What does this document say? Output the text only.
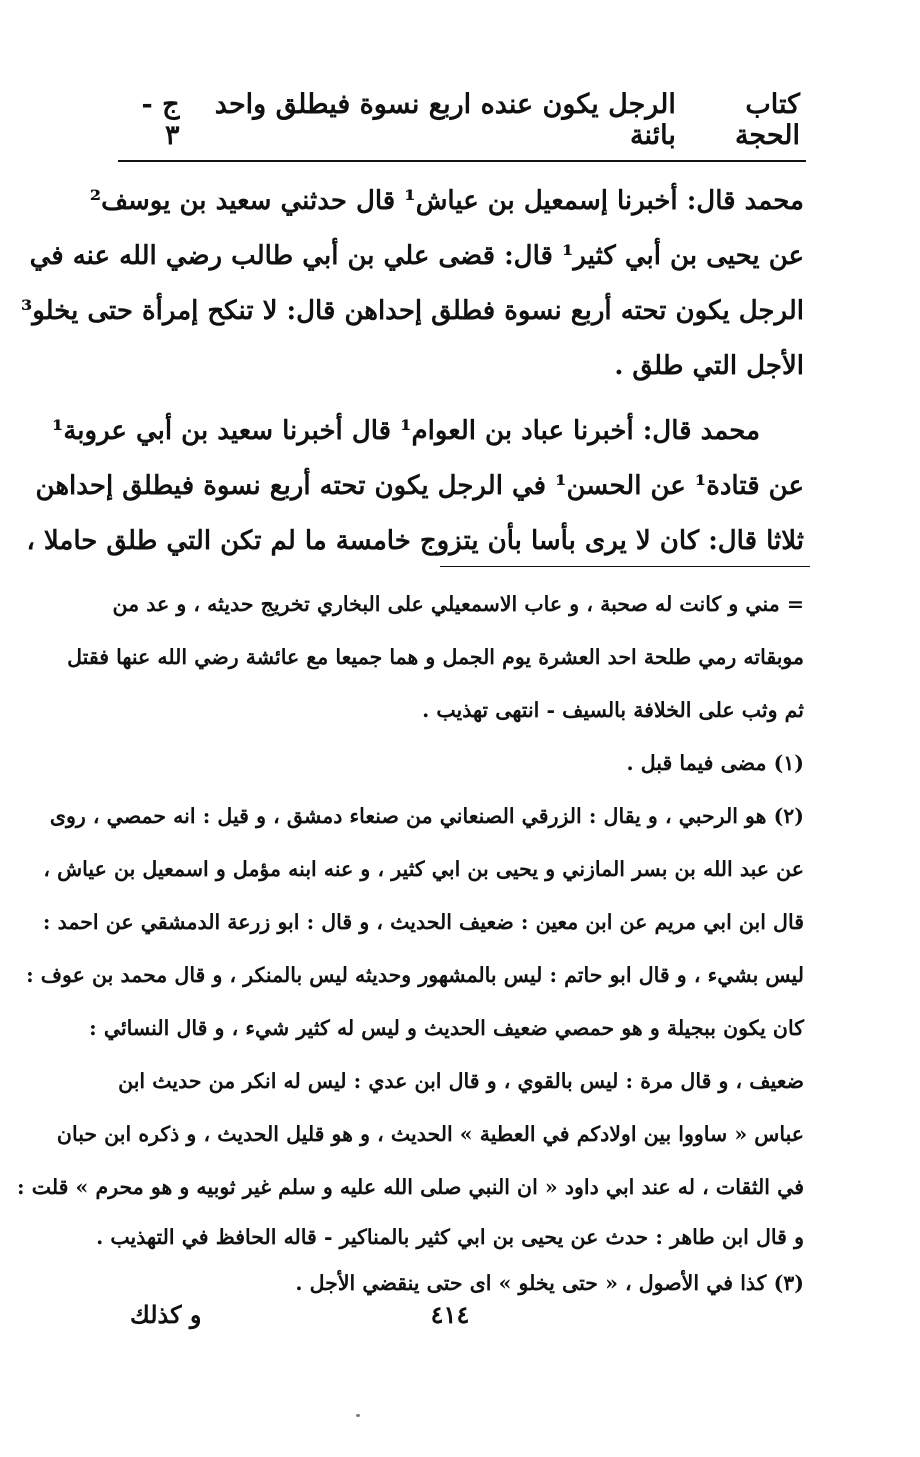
كتاب الحجة
الرجل يكون عنده اربع نسوة فيطلق واحد بائنة
ج - ٣
محمد قال: أخبرنا إسمعيل بن عياش¹ قال حدثني سعيد بن يوسف²
عن يحيى بن أبي كثير¹ قال: قضى علي بن أبي طالب رضي الله عنه في
الرجل يكون تحته أربع نسوة فطلق إحداهن قال: لا تنكح إمرأة حتى يخلو³
الأجل التي طلق .
محمد قال: أخبرنا عباد بن العوام¹ قال أخبرنا سعيد بن أبي عروبة¹
عن قتادة¹ عن الحسن¹ في الرجل يكون تحته أربع نسوة فيطلق إحداهن
ثلاثا قال: كان لا يرى بأسا بأن يتزوج خامسة ما لم تكن التي طلق حاملا ،
= مني و كانت له صحبة ، و عاب الاسمعيلي على البخاري تخريج حديثه ، و عد من
موبقاته رمي طلحة احد العشرة يوم الجمل و هما جميعا مع عائشة رضي الله عنها فقتل
ثم وثب على الخلافة بالسيف - انتهى تهذيب .
(١) مضى فيما قبل .
(٢) هو الرحبي ، و يقال : الزرقي الصنعاني من صنعاء دمشق ، و قيل : انه حمصي ، روى
عن عبد الله بن بسر المازني و يحيى بن ابي كثير ، و عنه ابنه مؤمل و اسمعيل بن عياش ،
قال ابن ابي مريم عن ابن معين : ضعيف الحديث ، و قال : ابو زرعة الدمشقي عن احمد :
ليس بشيء ، و قال ابو حاتم : ليس بالمشهور وحديثه ليس بالمنكر ، و قال محمد بن عوف :
كان يكون ببجيلة و هو حمصي ضعيف الحديث و ليس له كثير شيء ، و قال النسائي :
ضعيف ، و قال مرة : ليس بالقوي ، و قال ابن عدي : ليس له انكر من حديث ابن
عباس « ساووا بين اولادكم في العطية » الحديث ، و هو قليل الحديث ، و ذكره ابن حبان
في الثقات ، له عند ابي داود « ان النبي صلى الله عليه و سلم غير ثوبيه و هو محرم » قلت :
و قال ابن طاهر : حدث عن يحيى بن ابي كثير بالمناكير - قاله الحافظ في التهذيب .
(٣) كذا في الأصول ، « حتى يخلو » اى حتى ينقضي الأجل .
٤١٤
و كذلك
